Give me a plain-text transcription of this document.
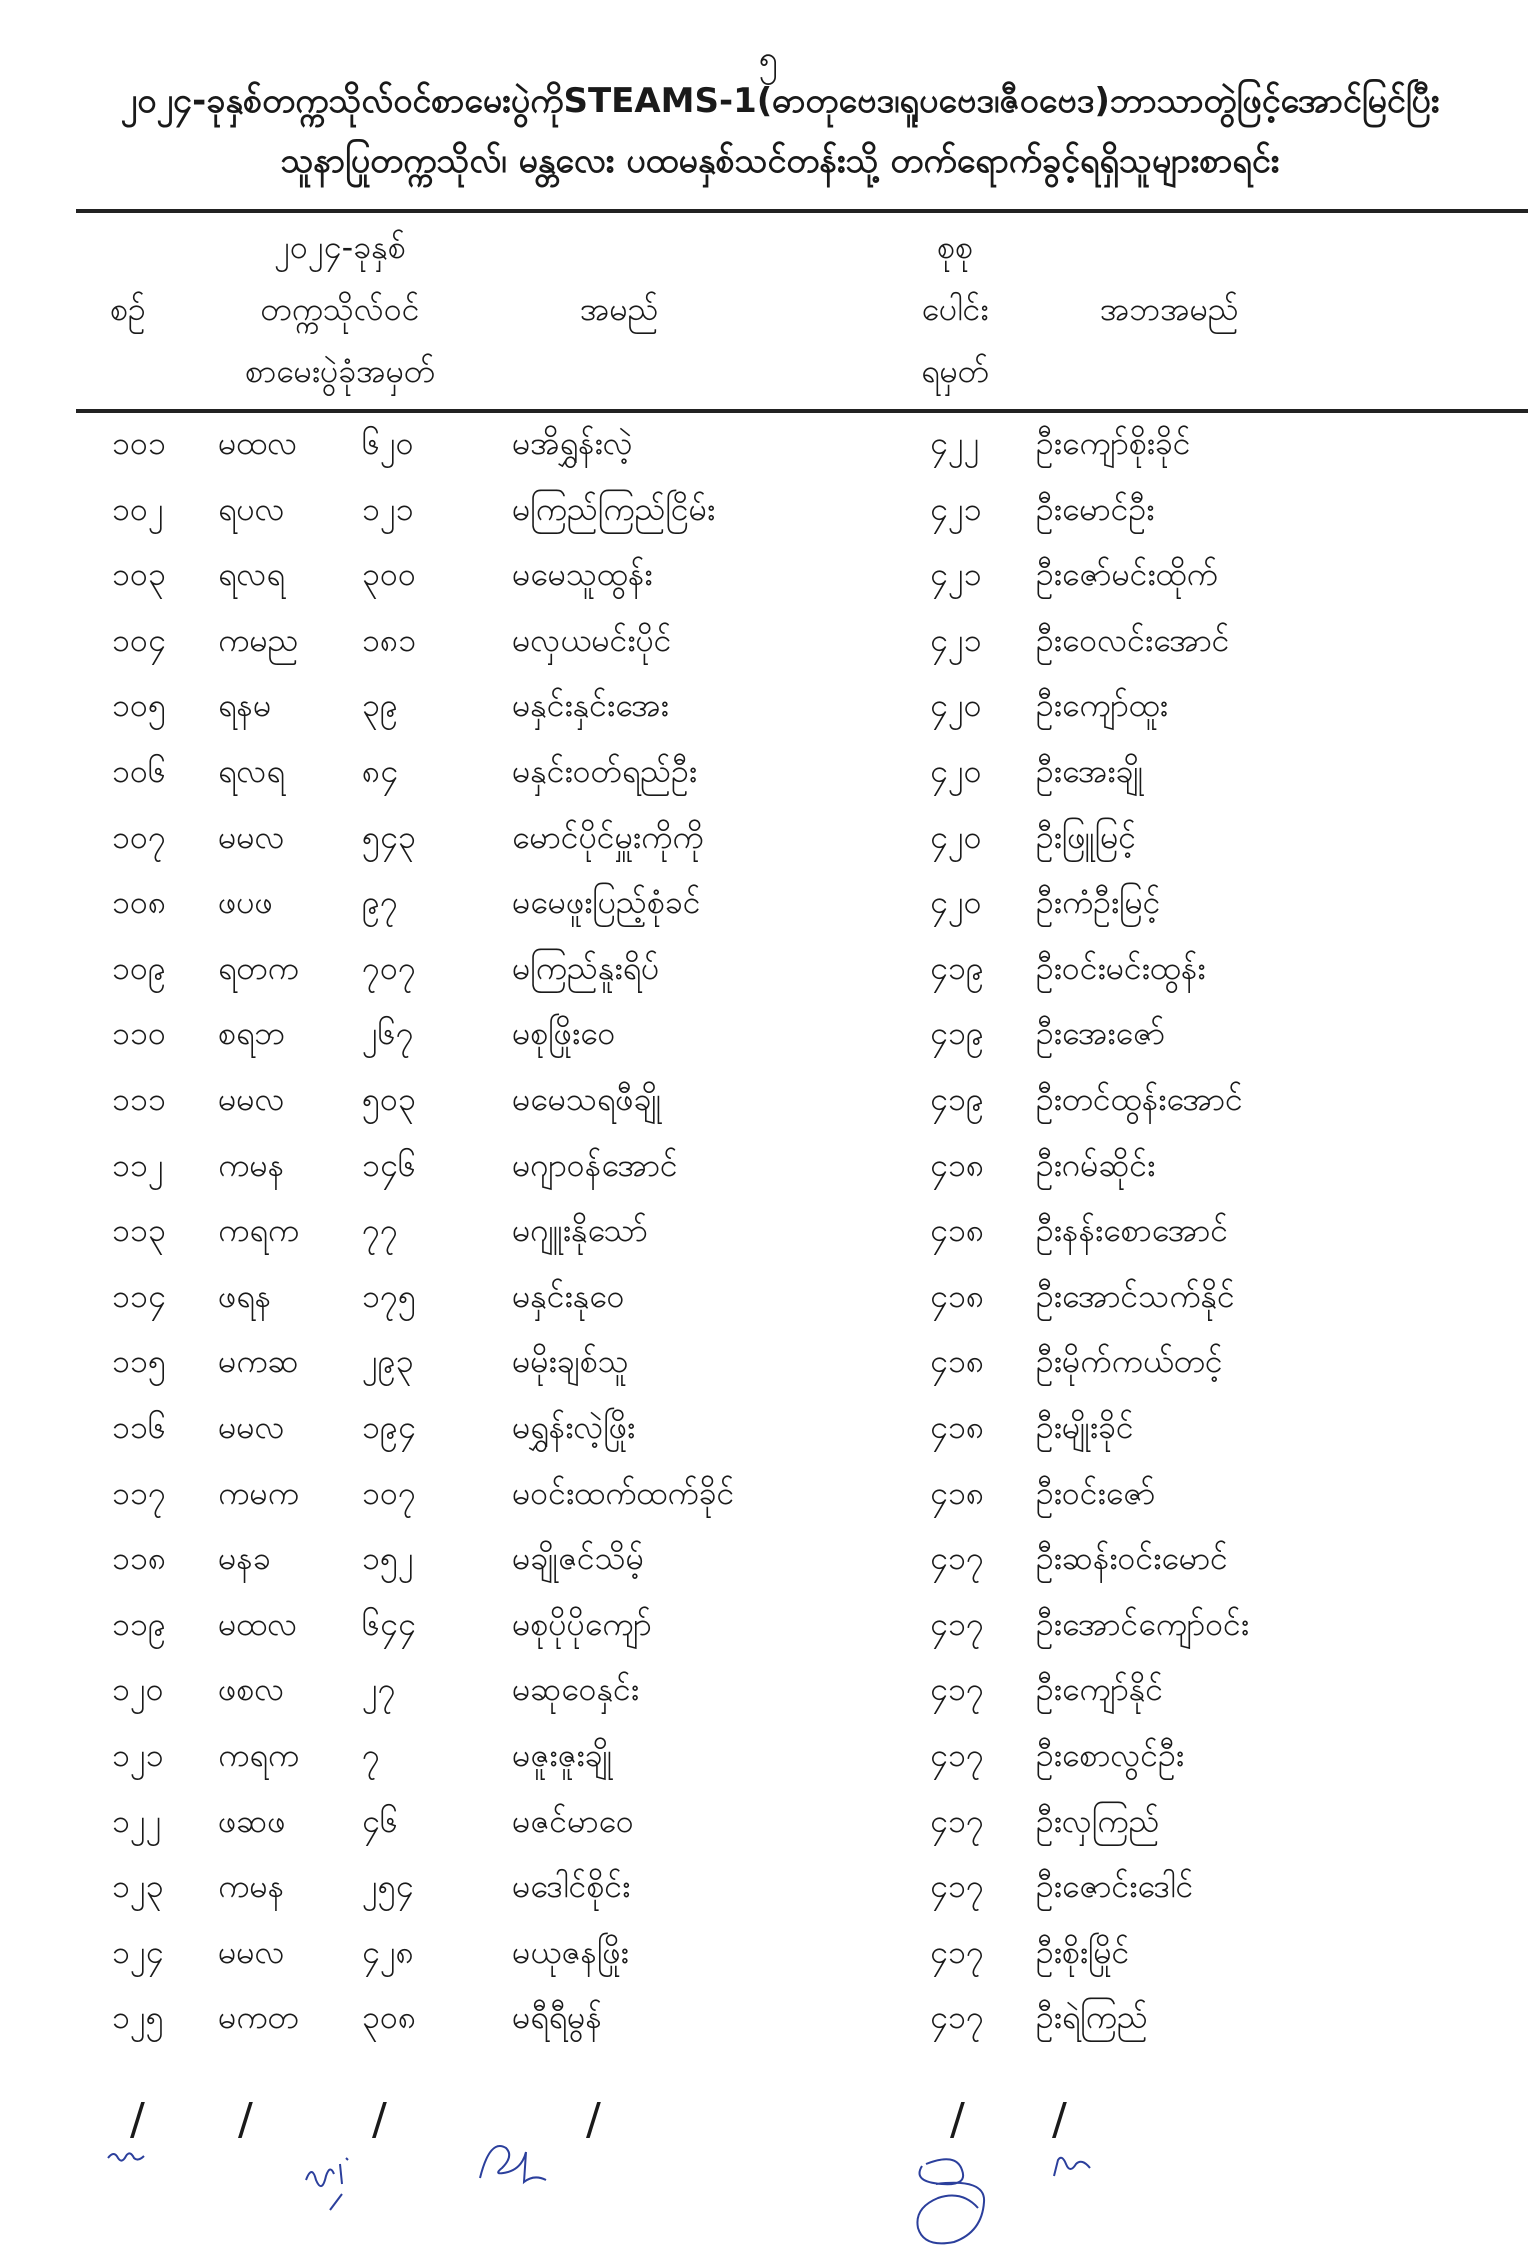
၅
၂၀၂၄-ခုနှစ်တက္ကသိုလ်ဝင်စာမေးပွဲကိုSTEAMS-1(ဓာတုဗေဒ၊ရူပဗေဒ၊ဇီဝဗေဒ)ဘာသာတွဲဖြင့်အောင်မြင်ပြီး
သူနာပြုတက္ကသိုလ်၊ မန္တလေး ပထမနှစ်သင်တန်းသို့ တက်ရောက်ခွင့်ရရှိသူများစာရင်း
စဉ်
၂၀၂၄-ခုနှစ်
တက္ကသိုလ်ဝင်
စာမေးပွဲခုံအမှတ်
အမည်
စုစု
ပေါင်း
ရမှတ်
အဘအမည်
၁၀၁ မထလ ၆၂၀	မအိရွှန်းလဲ့	၄၂၂ ဦးကျော်စိုးခိုင်
၁၀၂ ရပလ ၁၂၁	မကြည်ကြည်ငြိမ်း	၄၂၁ ဦးမောင်ဦး
၁၀၃ ရလရ ၃၀၀	မမေသူထွန်း	၄၂၁ ဦးဇော်မင်းထိုက်
၁၀၄ ကမည ၁၈၁	မလှယမင်းပိုင်	၄၂၁ ဦးဝေလင်းအောင်
၁၀၅ ရနမ	၃၉	မနှင်းနှင်းအေး	၄၂၀ ဦးကျော်ထူး
၁၀၆ ရလရ ၈၄	မနှင်းဝတ်ရည်ဦး	၄၂၀ ဦးအေးချို
၁၀၇ မမလ ၅၄၃	မောင်ပိုင်မှူးကိုကို	၄၂၀ ဦးဖြူမြင့်
၁၀၈ ဖပဖ	၉၇	မမေဖူးပြည့်စုံခင်	၄၂၀ ဦးကံဦးမြင့်
၁၀၉ ရတက ၇၀၇	မကြည်နူးရိပ်	၄၁၉ ဦးဝင်းမင်းထွန်း
၁၁၀ စရဘ ၂၆၇	မစုဖြိုးဝေ	၄၁၉ ဦးအေးဇော်
၁၁၁ မမလ ၅၀၃	မမေသရဖီချို	၄၁၉ ဦးတင်ထွန်းအောင်
၁၁၂ ကမန ၁၄၆	မဂျာဝန်အောင်	၄၁၈ ဦးဂမ်ဆိုင်း
၁၁၃ ကရက ၇၇	မဂျူးနိုသော်	၄၁၈ ဦးနန်းစောအောင်
၁၁၄ ဖရန	၁၇၅	မနှင်းနုဝေ	၄၁၈ ဦးအောင်သက်နိုင်
၁၁၅ မကဆ ၂၉၃	မမိုးချစ်သူ	၄၁၈ ဦးမိုက်ကယ်တင့်
၁၁၆ မမလ ၁၉၄	မရွှန်းလဲ့ဖြိုး	၄၁၈ ဦးမျိုးခိုင်
၁၁၇ ကမက ၁၀၇	မဝင်းထက်ထက်ခိုင်	၄၁၈ ဦးဝင်းဇော်
၁၁၈ မနခ	၁၅၂	မချိုဇင်သိမ့်	၄၁၇ ဦးဆန်းဝင်းမောင်
၁၁၉ မထလ ၆၄၄	မစုပိုပိုကျော်	၄၁၇ ဦးအောင်ကျော်ဝင်း
၁၂၀ ဖစလ ၂၇	မဆုဝေနှင်း	၄၁၇ ဦးကျော်နိုင်
၁၂၁ ကရက ၇	မဇူးဇူးချို	၄၁၇ ဦးစောလွင်ဦး
၁၂၂ ဖဆဖ ၄၆	မဇင်မာဝေ	၄၁၇ ဦးလှကြည်
၁၂၃ ကမန ၂၅၄	မဒေါင်စိုင်း	၄၁၇ ဦးဇောင်းဒေါင်
၁၂၄ မမလ ၄၂၈	မယုဇနဖြိုး	၄၁၇ ဦးစိုးမြိုင်
၁၂၅ မကတ ၃၀၈	မရီရီမွန်	၄၁၇ ဦးရဲကြည်
/ /	/	/	/ /
